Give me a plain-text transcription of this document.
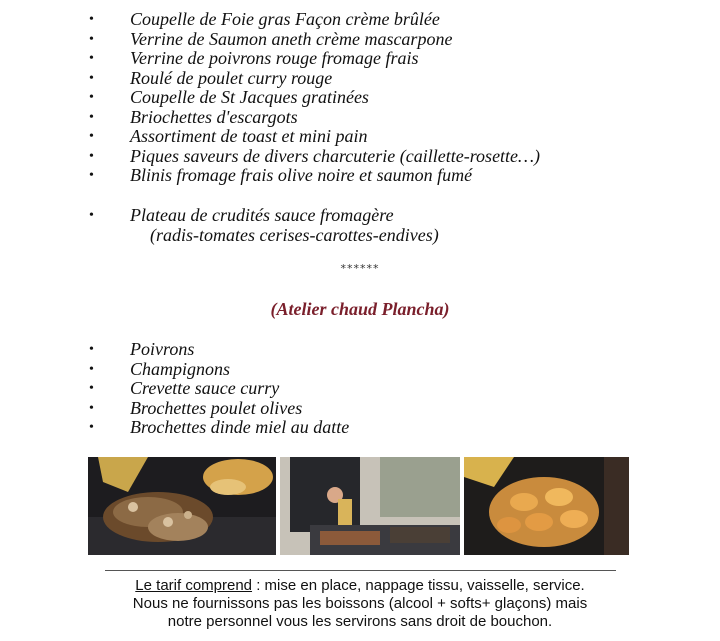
• Coupelle de Foie gras Façon crème brûlée
• Verrine de Saumon aneth crème mascarpone
• Verrine de poivrons rouge fromage frais
• Roulé de poulet curry rouge
• Coupelle de St Jacques gratinées
• Briochettes d'escargots
• Assortiment de toast et mini pain
• Piques saveurs de divers charcuterie (caillette-rosette…)
• Blinis fromage frais olive noire et saumon fumé
• Plateau de crudités sauce fromagère
(radis-tomates cerises-carottes-endives)
******
(Atelier chaud Plancha)
• Poivrons
• Champignons
• Crevette sauce curry
• Brochettes poulet olives
• Brochettes dinde miel au datte
Le tarif comprend : mise en place, nappage tissu, vaisselle, service.
Nous ne fournissons pas les boissons (alcool + softs+ glaçons) mais
notre personnel vous les servirons sans droit de bouchon.
